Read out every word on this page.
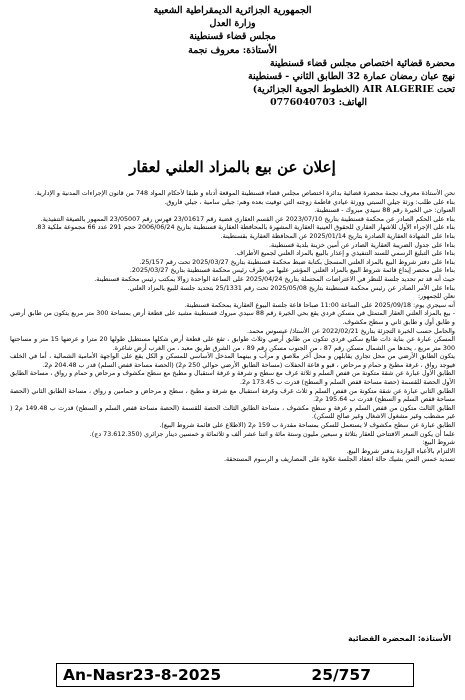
الجمهورية الجزائرية الديمقراطية الشعبية
وزارة العدل
مجلس قضاء قسنطينة
الأستاذة: معروف نجمة
محضرة قضائية اختصاص مجلس قضاء قسنطينة
نهج عبان رمضان عمارة 32 الطابق الثاني - قسنطينة
تحت AIR ALGERIE (الخطوط الجوية الجزائرية)
الهاتف: 0776040703
إعلان عن بيع بالمزاد العلني لعقار

نحن الأستاذة معروف نجمة محضرة قضائية بدائرة اختصاص مجلس قضاء قسنطينة الموقعة أدناه و طبقا لأحكام المواد 748 من قانون الإجراءات المدنية و الإدارية.

بناء على طلب: ورثة جيلي السبتي وورثة عيادي فاطمة زوجته التي توفيت بعده وهم: جيلي سامية ، جيلي فاروق.

العنوان: حي الخيرة رقم 88 سيدي مبروك - قسنطينة.

بناء على الحكم الصادر عن محكمة قسنطينة بتاريخ 2023/07/10 عن القسم العقاري قضية رقم 23/01617 فهرس رقم 23/05007 الممهور بالصيغة التنفيذية.

بناء على الإجراء الأول للاشهار العقاري للحقوق العينية العقارية المشهرة بالمحافظة العقارية قسنطينة بتاريخ 2006/06/24 حجم 291 عدد 66 مجموعة ملكية 83.

بناءا على الشهادة العقارية الصادرة بتاريخ 2025/01/14 عن المحافظة العقارية بقسنطينة.

بناءا على جدول الضريبة العقارية الصادر عن أمين خزينة بلدية قسنطينة.

بناءا على التبليغ الرسمي للسند التنفيذي و إعذار بالبيع بالمزاد العلني لجميع الأطراف.

بناءا على دفتر شروط البيع بالمزاد العلني المسجل بكتابة ضبط محكمة قسنطينة بتاريخ 2025/03/27 تحت رقم 25/157.

بناءا على محضر إيداع قائمة شروط البيع بالمزاد العلني المؤشر عليها من طرف رئيس محكمة قسنطينة بتاريخ 2025/03/27.

حيث أنه قد تم تحديد جلسة للنظر في الاعتراضات المحتملة بتاريخ 2025/04/24 على الساعة الواحدة زوالا بمكتب رئيس محكمة قسنطينة.

بناءا على الأمر الصادر عن رئيس محكمة قسنطينة بتاريخ 2025/05/08 تحت رقم 25/1331 بتحديد جلسة للبيع بالمزاد العلني.

نعلن للجمهور:

أنه سيجري يوم: 2025/09/18 على الساعة 11:00 صباحا قاعة جلسة البيوع العقارية بمحكمة قسنطينة.

- بيع بالمزاد العلني العقار المتمثل في مسكن فردي يقع بحي الخيرة رقم 88 سيدي مبروك قسنطينة مشيد على قطعة أرض بمساحة 300 متر مربع يتكون من طابق أرضي و طابق أول و طابق ثاني و سطح مكشوف.

والحامل حسب الخبرة التجزئة بتاريخ 2022/02/21 عن الأستاذ/ عيسوس محمد.

المسكن عبارة عن بناية ذات طابع سكني فردي تتكون من طابق أرضي وثلاث طوابق ، تقع على قطعة أرض شكلها مستطيل طولها 20 مترا و عرضها 15 متر و مساحتها 300 متر مربع ، يحدها من الشمال مسكن رقم 87 ، من الجنوب مسكن رقم 89 ، من الشرق طريق معبد ، من الغرب أرض شاغرة.

يتكون الطابق الأرضي من محل تجاري يقابلهن و محل آخر ملاصق و مرأب و بينهما المدخل الأساسي للمسكن و الكل يقع على الواجهة الأمامية الشمالية ، أما في الخلف فيوجد رواق ، غرفة مطبخ و حمام و مرحاض ، قبو و قاعة الحفلات (مساحة الطابق الأرضي حوالي 250 م2) (الحصة مساحة قفص السلم) قدر ب 204.48 م2.

الطابق الأول عبارة عن شقة متكونة من قفص السلم و ثلاثة غرف مع سطح و شرفة و غرفة استقبال و مطبخ مع سطح مكشوف و مرحاض و حمام و رواق ، مساحة الطابق الأول الحصة للقسمة (حصة مساحة قفص السلم و السطح) قدرت ب 173.45 م2.

الطابق الثاني عبارة عن شقة متكونة من قفص السلم و ثلاث غرف وغرفة استقبال مع شرفة و مطبخ ، سطح و مرحاض و حمامين و رواق ، مساحة الطابق الثاني (الحصة مساحة قفص السلم و السطح) قدرت ب 195.64 م2.

الطابق الثالث متكون من قفص السلم و غرفة و سطح مكشوف ، مساحة الطابق الثالث الحصة للقسمة (الحصة مساحة قفص السلم و السطح) قدرت ب 149.48 م2 ( غير مشطب وغير مشغول الاشغال وغير صالح للسكن).

الطابق عبارة عن سطح مكشوف لا يستعمل للسكن بمساحة مقدرة ب 159 م2 (الاطلاع على قائمة شروط البيع).

علما أن يكون السعر الافتتاحي للعقار بثلاثة و سبعين مليون وستة مائة و اثنتا عشر ألف و ثلاثمائة و خمسين دينار جزائري (73.612.350 دج).

شروط البيع:

الالتزام بالأعباء الواردة بدفتر شروط البيع.

تسديد خمس الثمن بشيك حالة انعقاد الجلسة علاوة على المصاريف و الرسوم المستحقة.

الأستاذة: المحضرة القضائية
An-Nasr23-8-2025	25/757
